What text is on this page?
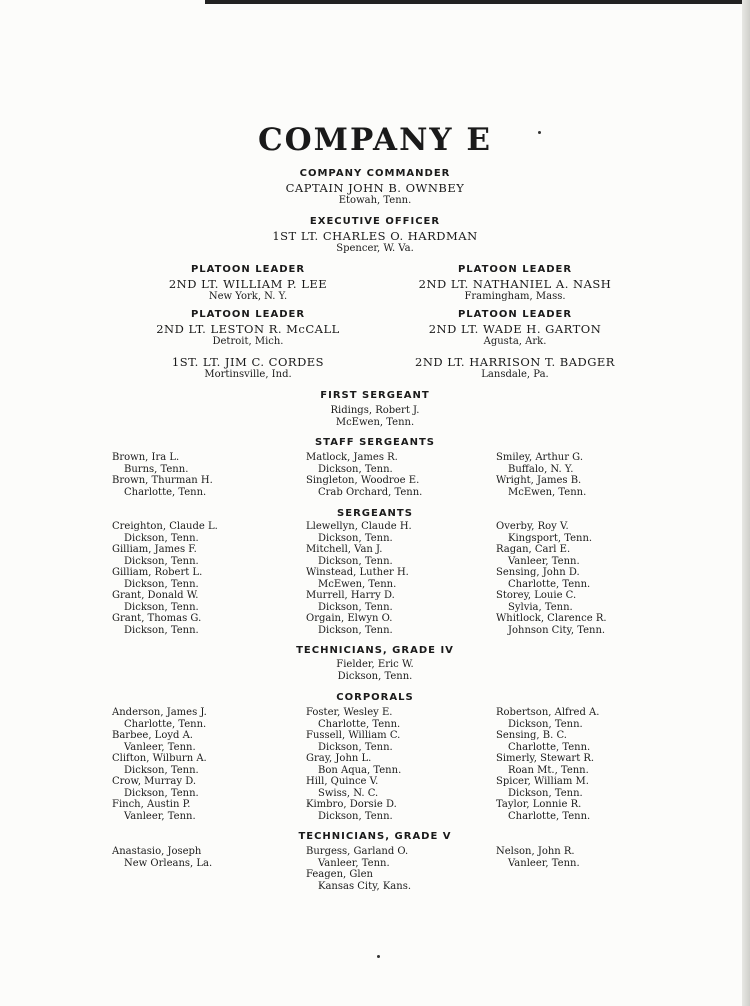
COMPANY E
COMPANY COMMANDER
CAPTAIN JOHN B. OWNBEY
Etowah, Tenn.
EXECUTIVE OFFICER
1ST LT. CHARLES O. HARDMAN
Spencer, W. Va.
PLATOON LEADER
2ND LT. WILLIAM P. LEE
New York, N. Y.
PLATOON LEADER
2ND LT. NATHANIEL A. NASH
Framingham, Mass.
PLATOON LEADER
2ND LT. LESTON R. McCALL
Detroit, Mich.
PLATOON LEADER
2ND LT. WADE H. GARTON
Agusta, Ark.
1ST. LT. JIM C. CORDES
Mortinsville, Ind.
2ND LT. HARRISON T. BADGER
Lansdale, Pa.
FIRST SERGEANT
Ridings, Robert J.
McEwen, Tenn.
STAFF SERGEANTS
Brown, Ira L.
Burns, Tenn.
Brown, Thurman H.
Charlotte, Tenn.
Matlock, James R.
Dickson, Tenn.
Singleton, Woodroe E.
Crab Orchard, Tenn.
Smiley, Arthur G.
Buffalo, N. Y.
Wright, James B.
McEwen, Tenn.
SERGEANTS
Creighton, Claude L.
Dickson, Tenn.
Gilliam, James F.
Dickson, Tenn.
Gilliam, Robert L.
Dickson, Tenn.
Grant, Donald W.
Dickson, Tenn.
Grant, Thomas G.
Dickson, Tenn.
Llewellyn, Claude H.
Dickson, Tenn.
Mitchell, Van J.
Dickson, Tenn.
Winstead, Luther H.
McEwen, Tenn.
Murrell, Harry D.
Dickson, Tenn.
Orgain, Elwyn O.
Dickson, Tenn.
Overby, Roy V.
Kingsport, Tenn.
Ragan, Carl E.
Vanleer, Tenn.
Sensing, John D.
Charlotte, Tenn.
Storey, Louie C.
Sylvia, Tenn.
Whitlock, Clarence R.
Johnson City, Tenn.
TECHNICIANS, GRADE IV
Fielder, Eric W.
Dickson, Tenn.
CORPORALS
Anderson, James J.
Charlotte, Tenn.
Barbee, Loyd A.
Vanleer, Tenn.
Clifton, Wilburn A.
Dickson, Tenn.
Crow, Murray D.
Dickson, Tenn.
Finch, Austin P.
Vanleer, Tenn.
Foster, Wesley E.
Charlotte, Tenn.
Fussell, William C.
Dickson, Tenn.
Gray, John L.
Bon Aqua, Tenn.
Hill, Quince V.
Swiss, N. C.
Kimbro, Dorsie D.
Dickson, Tenn.
Robertson, Alfred A.
Dickson, Tenn.
Sensing, B. C.
Charlotte, Tenn.
Simerly, Stewart R.
Roan Mt., Tenn.
Spicer, William M.
Dickson, Tenn.
Taylor, Lonnie R.
Charlotte, Tenn.
TECHNICIANS, GRADE V
Anastasio, Joseph
New Orleans, La.
Burgess, Garland O.
Vanleer, Tenn.
Feagen, Glen
Kansas City, Kans.
Nelson, John R.
Vanleer, Tenn.
